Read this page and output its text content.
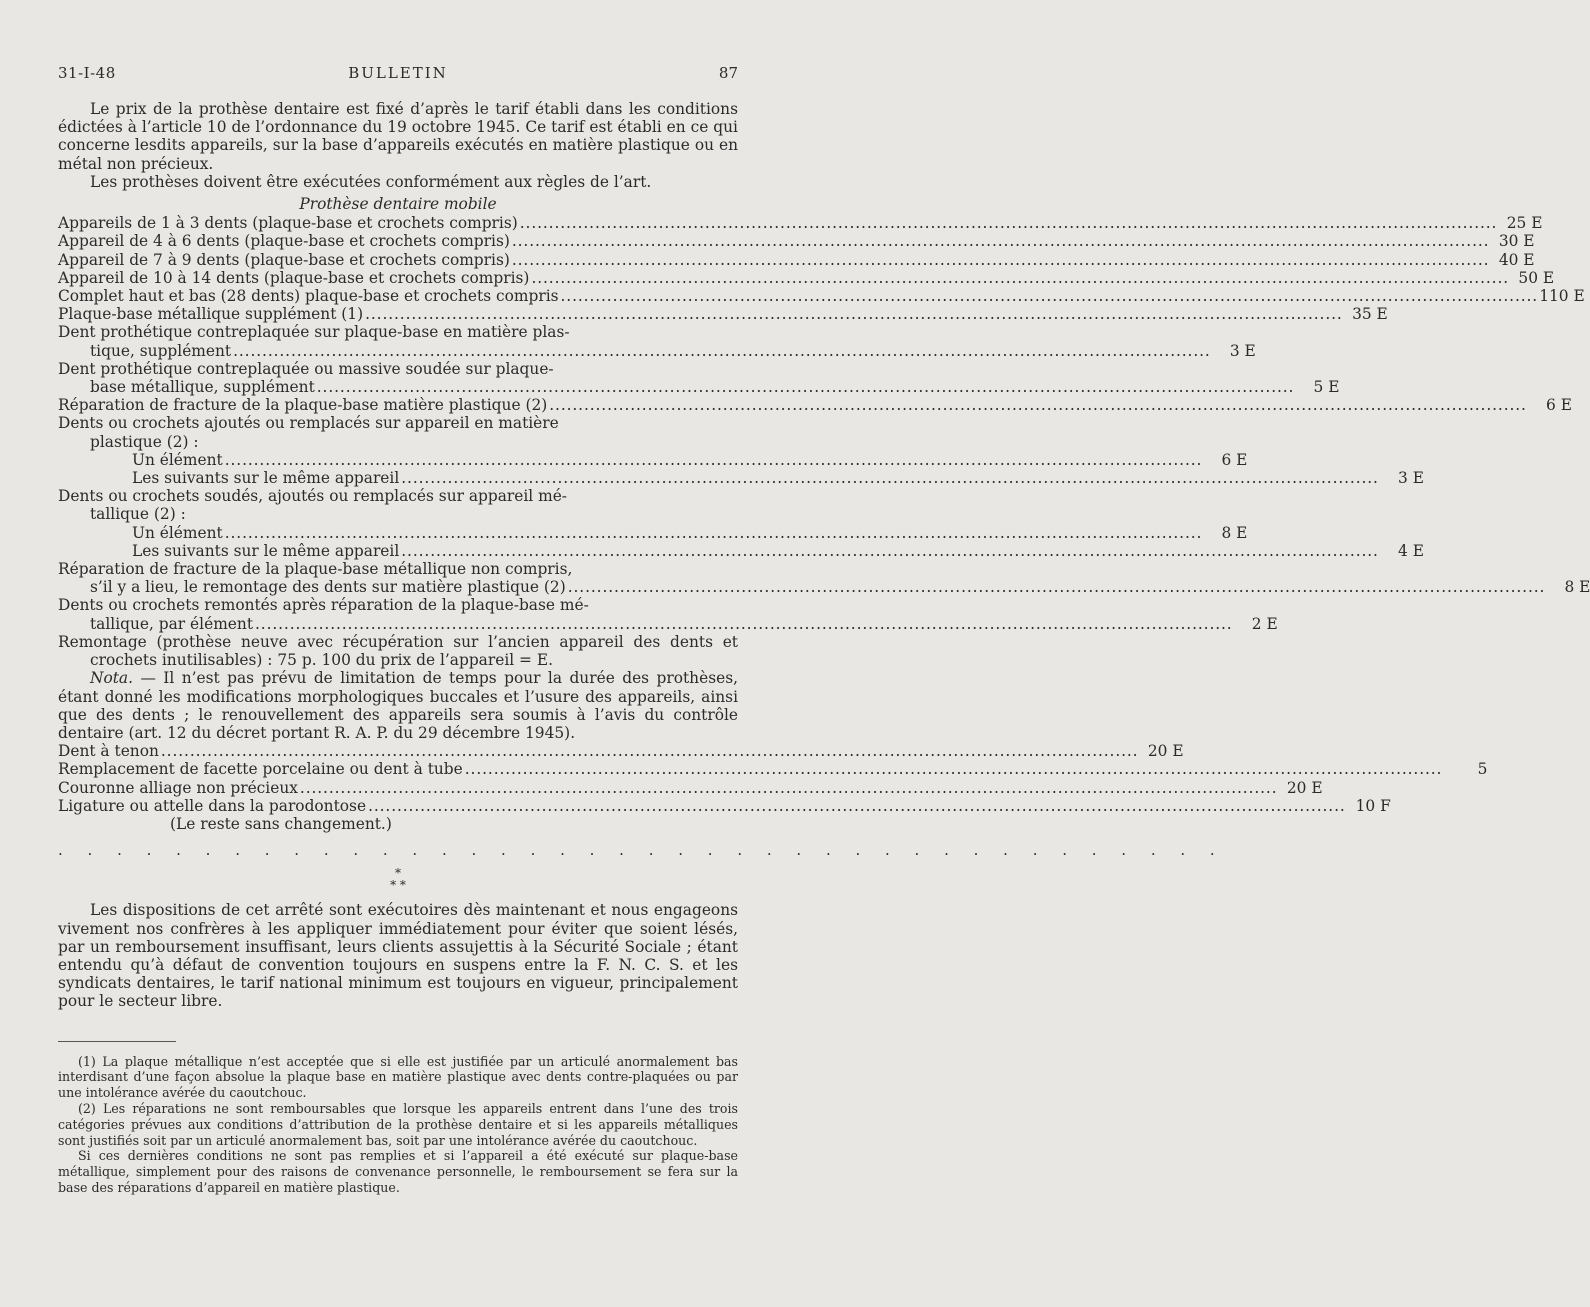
31-I-48	BULLETIN	87

Le prix de la prothèse dentaire est fixé d’après le tarif établi dans les conditions édictées à l’article 10 de l’ordonnance du 19 octobre 1945. Ce tarif est établi en ce qui concerne lesdits appareils, sur la base d’appareils exécutés en matière plastique ou en métal non précieux.

Les prothèses doivent être exécutées conformément aux règles de l’art.

Prothèse dentaire mobile
Appareils de 1 à 3 dents (plaque-base et crochets compris) . . .	25 E
Appareil de 4 à 6 dents (plaque-base et crochets compris) . . .	30 E
Appareil de 7 à 9 dents (plaque-base et crochets compris) . . .	40 E
Appareil de 10 à 14 dents (plaque-base et crochets compris) . . .	50 E
Complet haut et bas (28 dents) plaque-base et crochets compris . . .	110 E
Plaque-base métallique supplément (1) . . .	35 E
Dent prothétique contreplaquée sur plaque-base en matière plas-
tique, supplément . . .	3 E
Dent prothétique contreplaquée ou massive soudée sur plaque-
base métallique, supplément . . .	5 E
Réparation de fracture de la plaque-base matière plastique (2) . . .	6 E
Dents ou crochets ajoutés ou remplacés sur appareil en matière
plastique (2) :
Un élément . . .	6 E
Les suivants sur le même appareil . . .	3 E
Dents ou crochets soudés, ajoutés ou remplacés sur appareil mé-
tallique (2) :
Un élément . . .	8 E
Les suivants sur le même appareil . . .	4 E
Réparation de fracture de la plaque-base métallique non compris,
s’il y a lieu, le remontage des dents sur matière plastique (2) . . .	8 E
Dents ou crochets remontés après réparation de la plaque-base mé-
tallique, par élément . . .	2 E

Remontage (prothèse neuve avec récupération sur l’ancien appareil des dents et crochets inutilisables) : 75 p. 100 du prix de l’appareil = E.

Nota. — Il n’est pas prévu de limitation de temps pour la durée des prothèses, étant donné les modifications morphologiques buccales et l’usure des appareils, ainsi que des dents ; le renouvellement des appareils sera soumis à l’avis du contrôle dentaire (art. 12 du décret portant R. A. P. du 29 décembre 1945).

Dent à tenon . . .	20 E
Remplacement de facette porcelaine ou dent à tube . . .	5
Couronne alliage non précieux . . .	20 E
Ligature ou attelle dans la parodontose . . .	10 F
(Le reste sans changement.)
. . . . . . . . . . . . . . . . . . . . . . . . . . . . . . . . . . . . . . . .
*
* *

Les dispositions de cet arrêté sont exécutoires dès maintenant et nous engageons vivement nos confrères à les appliquer immédiatement pour éviter que soient lésés, par un remboursement insuffisant, leurs clients assujettis à la Sécurité Sociale ; étant entendu qu’à défaut de convention toujours en suspens entre la F. N. C. S. et les syndicats dentaires, le tarif national minimum est toujours en vigueur, principalement pour le secteur libre.

(1) La plaque métallique n’est acceptée que si elle est justifiée par un articulé anormalement bas interdisant d’une façon absolue la plaque base en matière plastique avec dents contre-plaquées ou par une intolérance avérée du caoutchouc.

(2) Les réparations ne sont remboursables que lorsque les appareils entrent dans l’une des trois catégories prévues aux conditions d’attribution de la prothèse dentaire et si les appareils métalliques sont justifiés soit par un articulé anormalement bas, soit par une intolérance avérée du caoutchouc.

Si ces dernières conditions ne sont pas remplies et si l’appareil a été exécuté sur plaque-base métallique, simplement pour des raisons de convenance personnelle, le remboursement se fera sur la base des réparations d’appareil en matière plastique.
